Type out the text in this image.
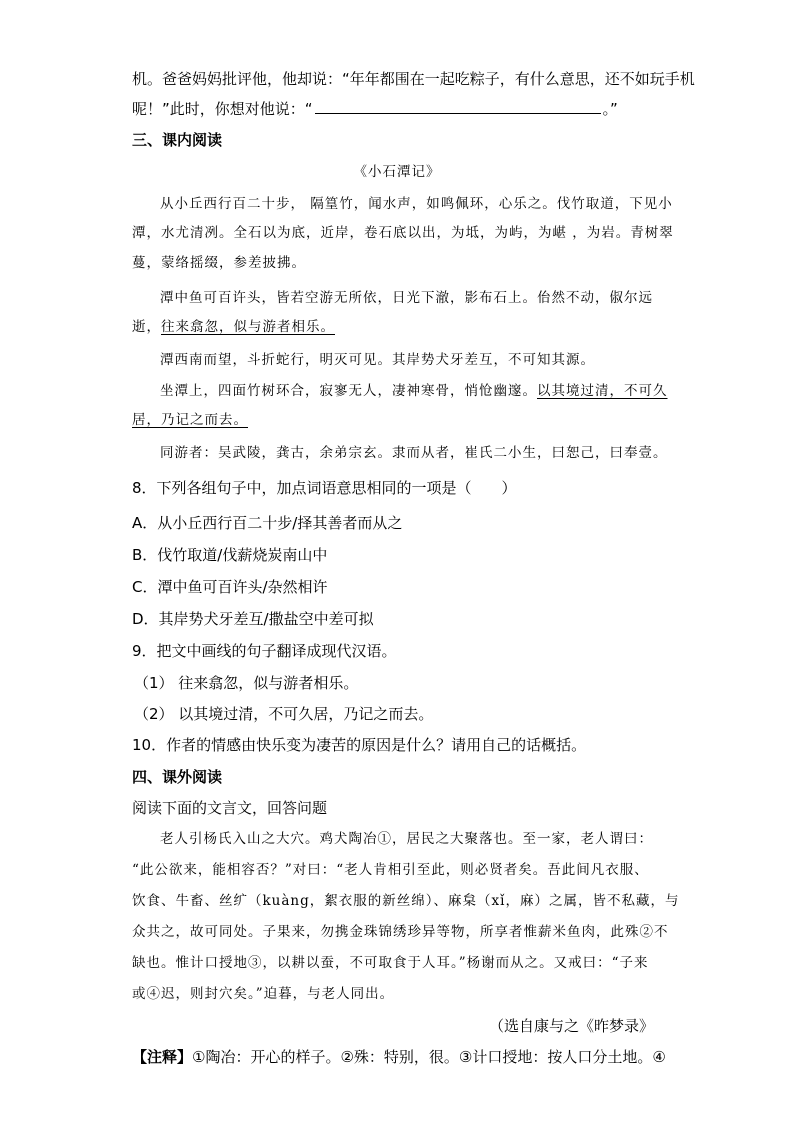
机。爸爸妈妈批评他，他却说：“年年都围在一起吃粽子，有什么意思，还不如玩手机
呢！”此时，你想对他说：“	。”
三、课内阅读
《小石潭记》
从小丘西行百二十步， 隔篁竹，闻水声，如鸣佩环，心乐之。伐竹取道，下见小
潭，水尤清冽。全石以为底，近岸，卷石底以出，为坻，为屿，为嵁 ，为岩。青树翠
蔓，蒙络摇缀，参差披拂。
潭中鱼可百许头，皆若空游无所依，日光下澈，影布石上。佁然不动，俶尔远
逝，往来翕忽，似与游者相乐。
潭西南而望，斗折蛇行，明灭可见。其岸势犬牙差互，不可知其源。
坐潭上，四面竹树环合，寂寥无人，凄神寒骨，悄怆幽邃。以其境过清，不可久
居，乃记之而去。
同游者：吴武陵，龚古，余弟宗玄。隶而从者，崔氏二小生，曰恕己，曰奉壹。
8．下列各组句子中，加点词语意思相同的一项是（　　）
A．从小丘西行百二十步/择其善者而从之
B．伐竹取道/伐薪烧炭南山中
C．潭中鱼可百许头/杂然相许
D．其岸势犬牙差互/撒盐空中差可拟
9．把文中画线的句子翻译成现代汉语。
（1） 往来翕忽，似与游者相乐。
（2） 以其境过清，不可久居，乃记之而去。
10．作者的情感由快乐变为凄苦的原因是什么？请用自己的话概括。
四、课外阅读
阅读下面的文言文，回答问题
老人引杨氏入山之大穴。鸡犬陶冶①，居民之大聚落也。至一家，老人谓曰：
“此公欲来，能相容否？”对曰：“老人肯相引至此，则必贤者矣。吾此间凡衣服、
饮食、牛畜、丝纩（kuàng，絮衣服的新丝绵）、麻枲（xǐ，麻）之属，皆不私藏，与
众共之，故可同处。子果来，勿携金珠锦绣珍异等物，所享者惟薪米鱼肉，此殊②不
缺也。惟计口授地③，以耕以蚕，不可取食于人耳。”杨谢而从之。又戒曰：“子来
或④迟，则封穴矣。”迫暮，与老人同出。
（选自康与之《昨梦录》
【注释】①陶冶：开心的样子。②殊：特别，很。③计口授地：按人口分土地。④
